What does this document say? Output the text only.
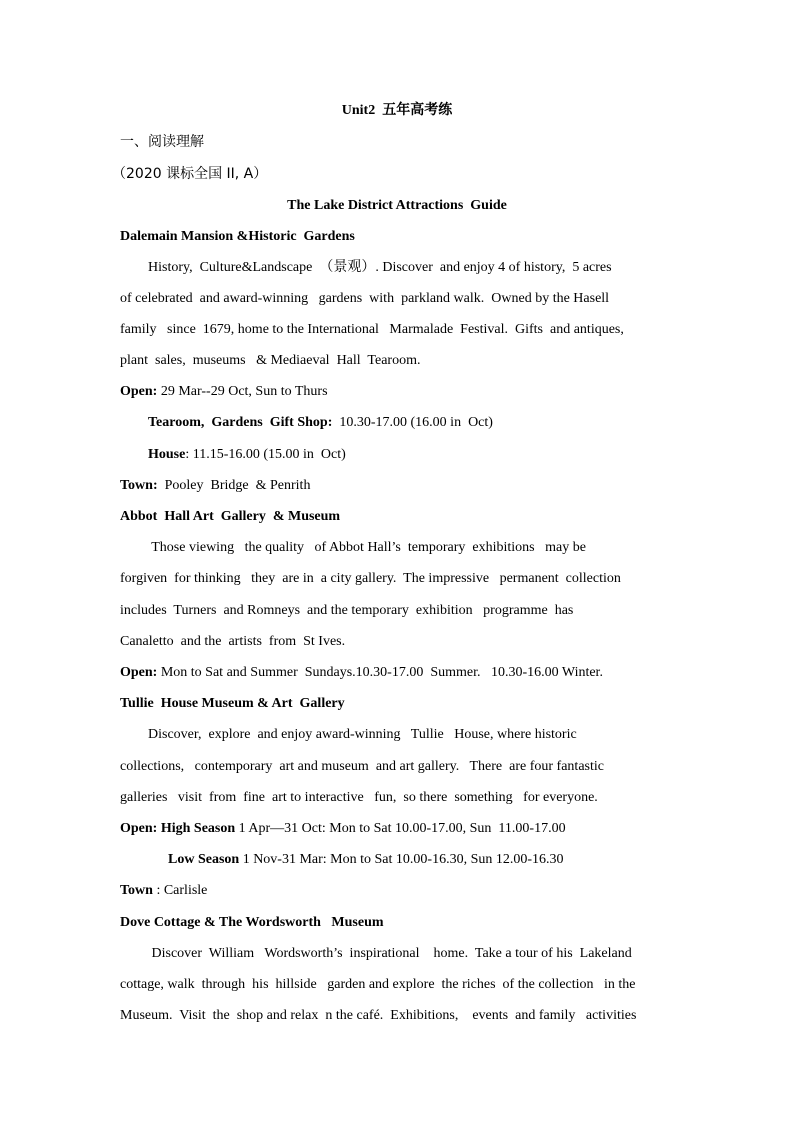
Unit2 五年高考练
一、阅读理解
（2020 课标全国 II, A）
The Lake District Attractions  Guide
Dalemain Mansion &Historic  Gardens
History,  Culture&Landscape  （景观）. Discover  and enjoy 4 of history,  5 acres
of celebrated  and award-winning   gardens  with  parkland walk.  Owned by the Hasell
family   since  1679, home to the International   Marmalade  Festival.  Gifts  and antiques,
plant  sales,  museums   & Mediaeval  Hall  Tearoom.
Open: 29 Mar--29 Oct, Sun to Thurs
Tearoom,  Gardens  Gift Shop:  10.30-17.00 (16.00 in  Oct)
House: 11.15-16.00 (15.00 in  Oct)
Town:  Pooley  Bridge  & Penrith
Abbot  Hall Art  Gallery  & Museum
Those viewing   the quality   of Abbot Hall’s  temporary  exhibitions   may be
forgiven  for thinking   they  are in  a city gallery.  The impressive   permanent  collection
includes  Turners  and Romneys  and the temporary  exhibition   programme  has
Canaletto  and the  artists  from  St Ives.
Open: Mon to Sat and Summer  Sundays.10.30-17.00  Summer.   10.30-16.00 Winter.
Tullie  House Museum & Art  Gallery
Discover,  explore  and enjoy award-winning   Tullie   House, where historic
collections,   contemporary  art and museum  and art gallery.   There  are four fantastic
galleries   visit  from  fine  art to interactive   fun,  so there  something   for everyone.
Open: High Season 1 Apr—31 Oct: Mon to Sat 10.00-17.00, Sun  11.00-17.00
Low Season 1 Nov-31 Mar: Mon to Sat 10.00-16.30, Sun 12.00-16.30
Town : Carlisle
Dove Cottage & The Wordsworth   Museum
Discover  William   Wordsworth’s  inspirational    home.  Take a tour of his  Lakeland
cottage, walk  through  his  hillside   garden and explore  the riches  of the collection   in the
Museum.  Visit  the  shop and relax  n the café.  Exhibitions,    events  and family   activities
